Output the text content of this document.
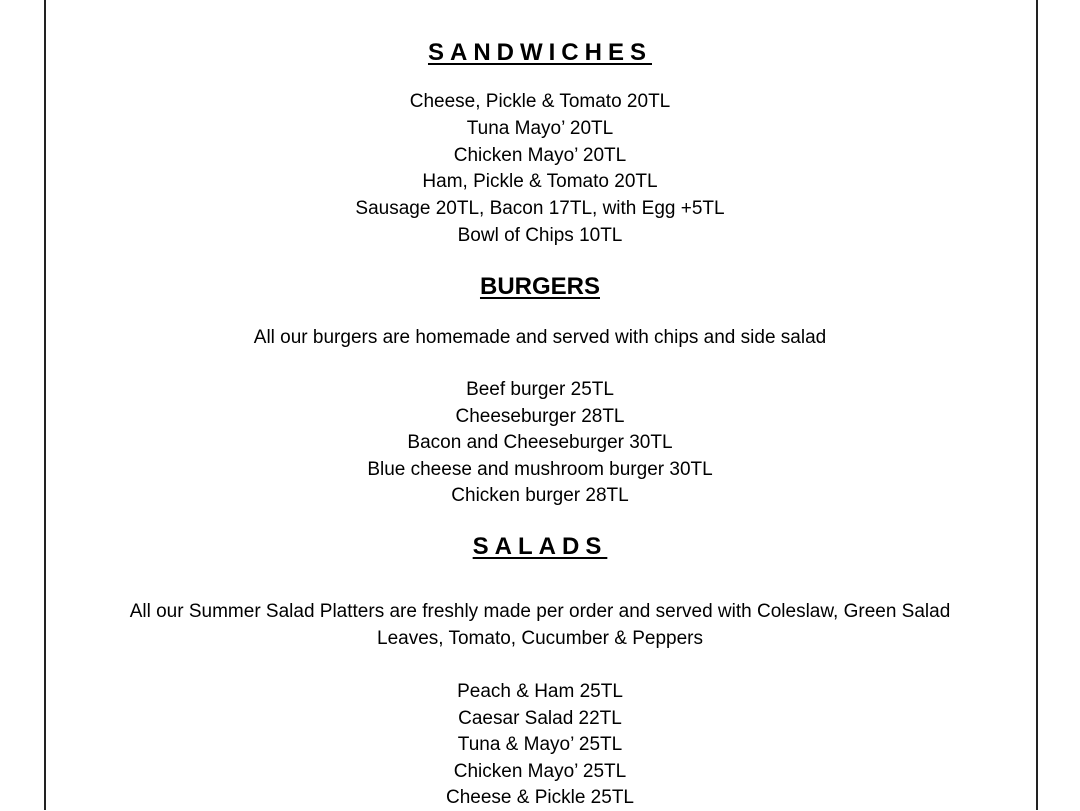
SANDWICHES
Cheese, Pickle & Tomato 20TL
Tuna Mayo’ 20TL
Chicken Mayo’ 20TL
Ham, Pickle & Tomato 20TL
Sausage 20TL, Bacon 17TL, with Egg +5TL
Bowl of Chips 10TL
BURGERS
All our burgers are homemade and served with chips and side salad
Beef burger 25TL
Cheeseburger 28TL
Bacon and Cheeseburger 30TL
Blue cheese and mushroom burger 30TL
Chicken burger 28TL
SALADS
All our Summer Salad Platters are freshly made per order and served with Coleslaw, Green Salad
Leaves, Tomato, Cucumber & Peppers
Peach & Ham 25TL
Caesar Salad 22TL
Tuna & Mayo’ 25TL
Chicken Mayo’ 25TL
Cheese & Pickle 25TL
